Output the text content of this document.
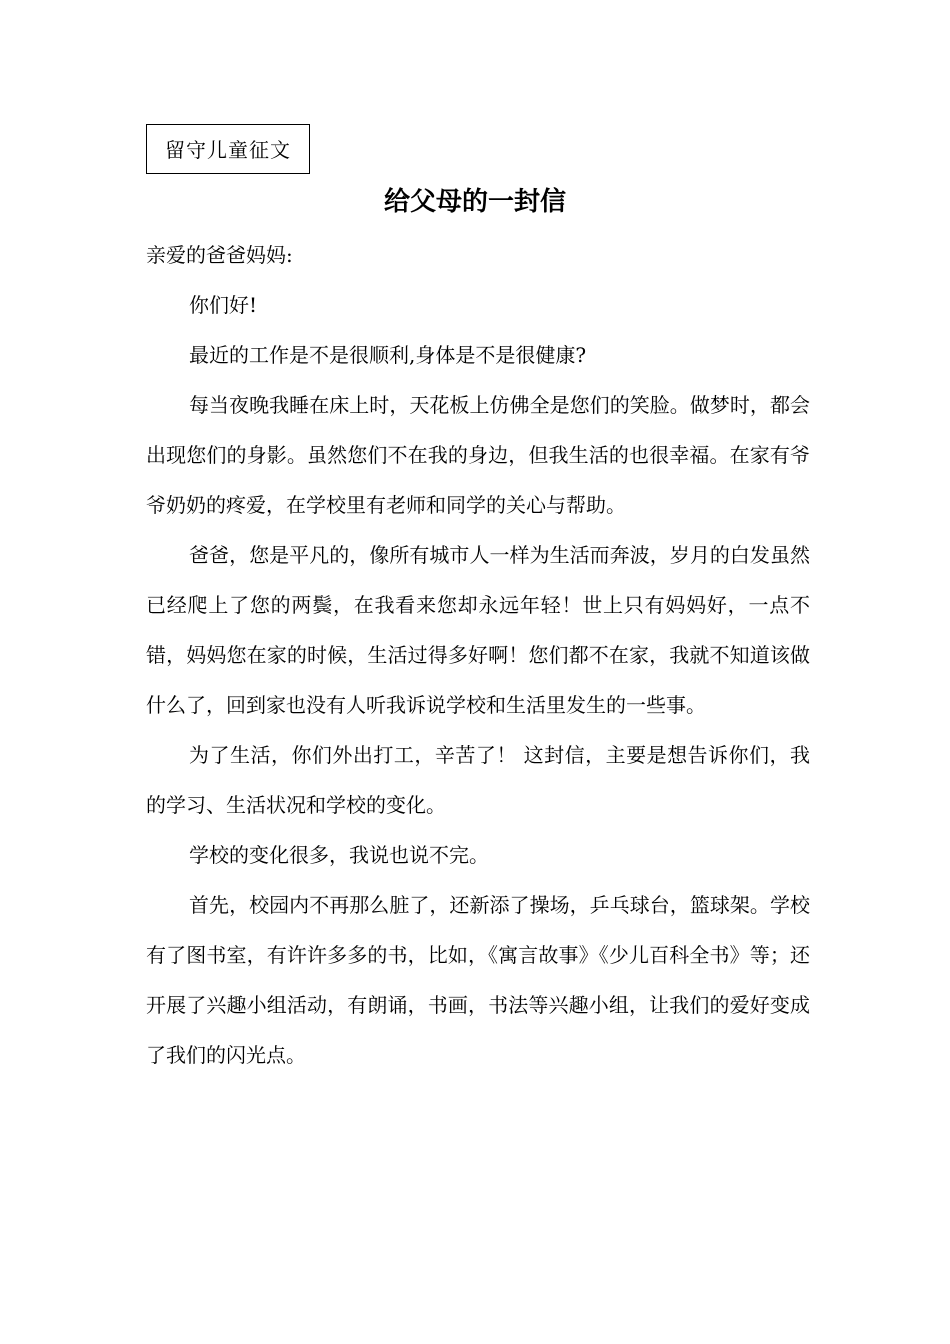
留守儿童征文
给父母的一封信

亲爱的爸爸妈妈:

你们好!

最近的工作是不是很顺利,身体是不是很健康?

每当夜晚我睡在床上时，天花板上仿佛全是您们的笑脸。做梦时，都会出现您们的身影。虽然您们不在我的身边，但我生活的也很幸福。在家有爷爷奶奶的疼爱，在学校里有老师和同学的关心与帮助。

爸爸，您是平凡的，像所有城市人一样为生活而奔波，岁月的白发虽然已经爬上了您的两鬓，在我看来您却永远年轻！世上只有妈妈好，一点不错，妈妈您在家的时候，生活过得多好啊！您们都不在家，我就不知道该做什么了，回到家也没有人听我诉说学校和生活里发生的一些事。

为了生活，你们外出打工，辛苦了！ 这封信，主要是想告诉你们，我的学习、生活状况和学校的变化。

学校的变化很多，我说也说不完。

首先，校园内不再那么脏了，还新添了操场，乒乓球台，篮球架。学校有了图书室，有许许多多的书，比如，《寓言故事》《少儿百科全书》等；还开展了兴趣小组活动，有朗诵，书画，书法等兴趣小组，让我们的爱好变成了我们的闪光点。
